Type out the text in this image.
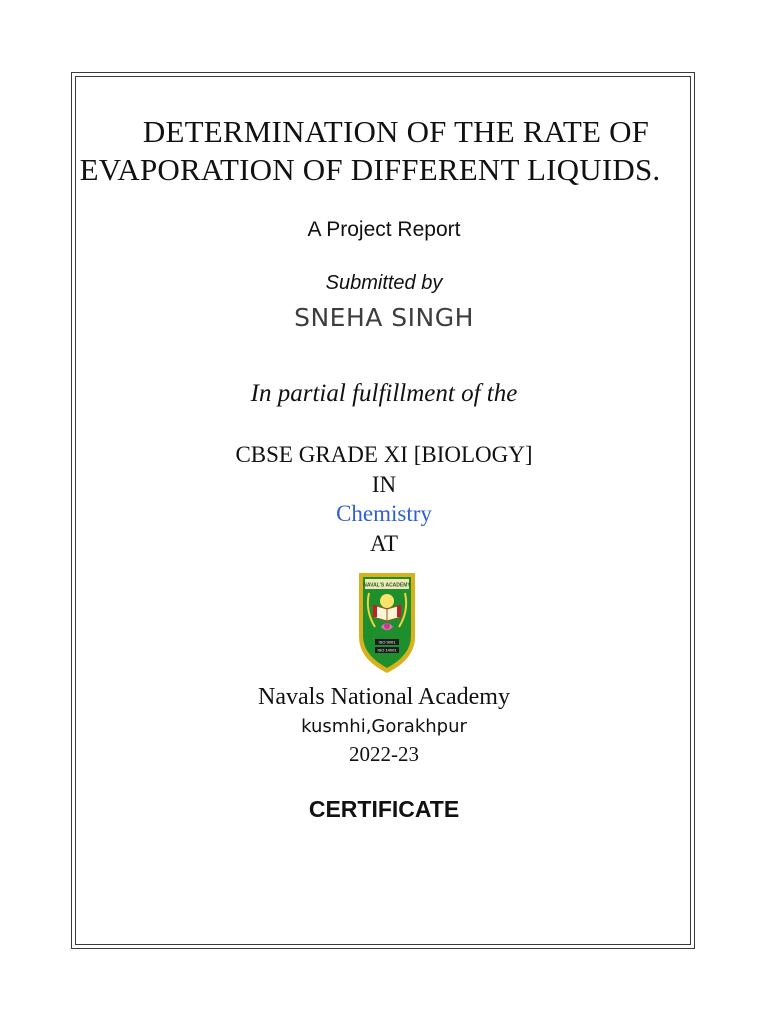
DETERMINATION OF THE RATE OF
EVAPORATION OF DIFFERENT LIQUIDS.
A Project Report
Submitted by
SNEHA SINGH
In partial fulfillment of the
CBSE GRADE XI [BIOLOGY]
IN
Chemistry
AT
NAVAL'S ACADEMY
ISO 9001
ISO 14001
Navals National Academy
kusmhi,Gorakhpur
2022-23
CERTIFICATE
